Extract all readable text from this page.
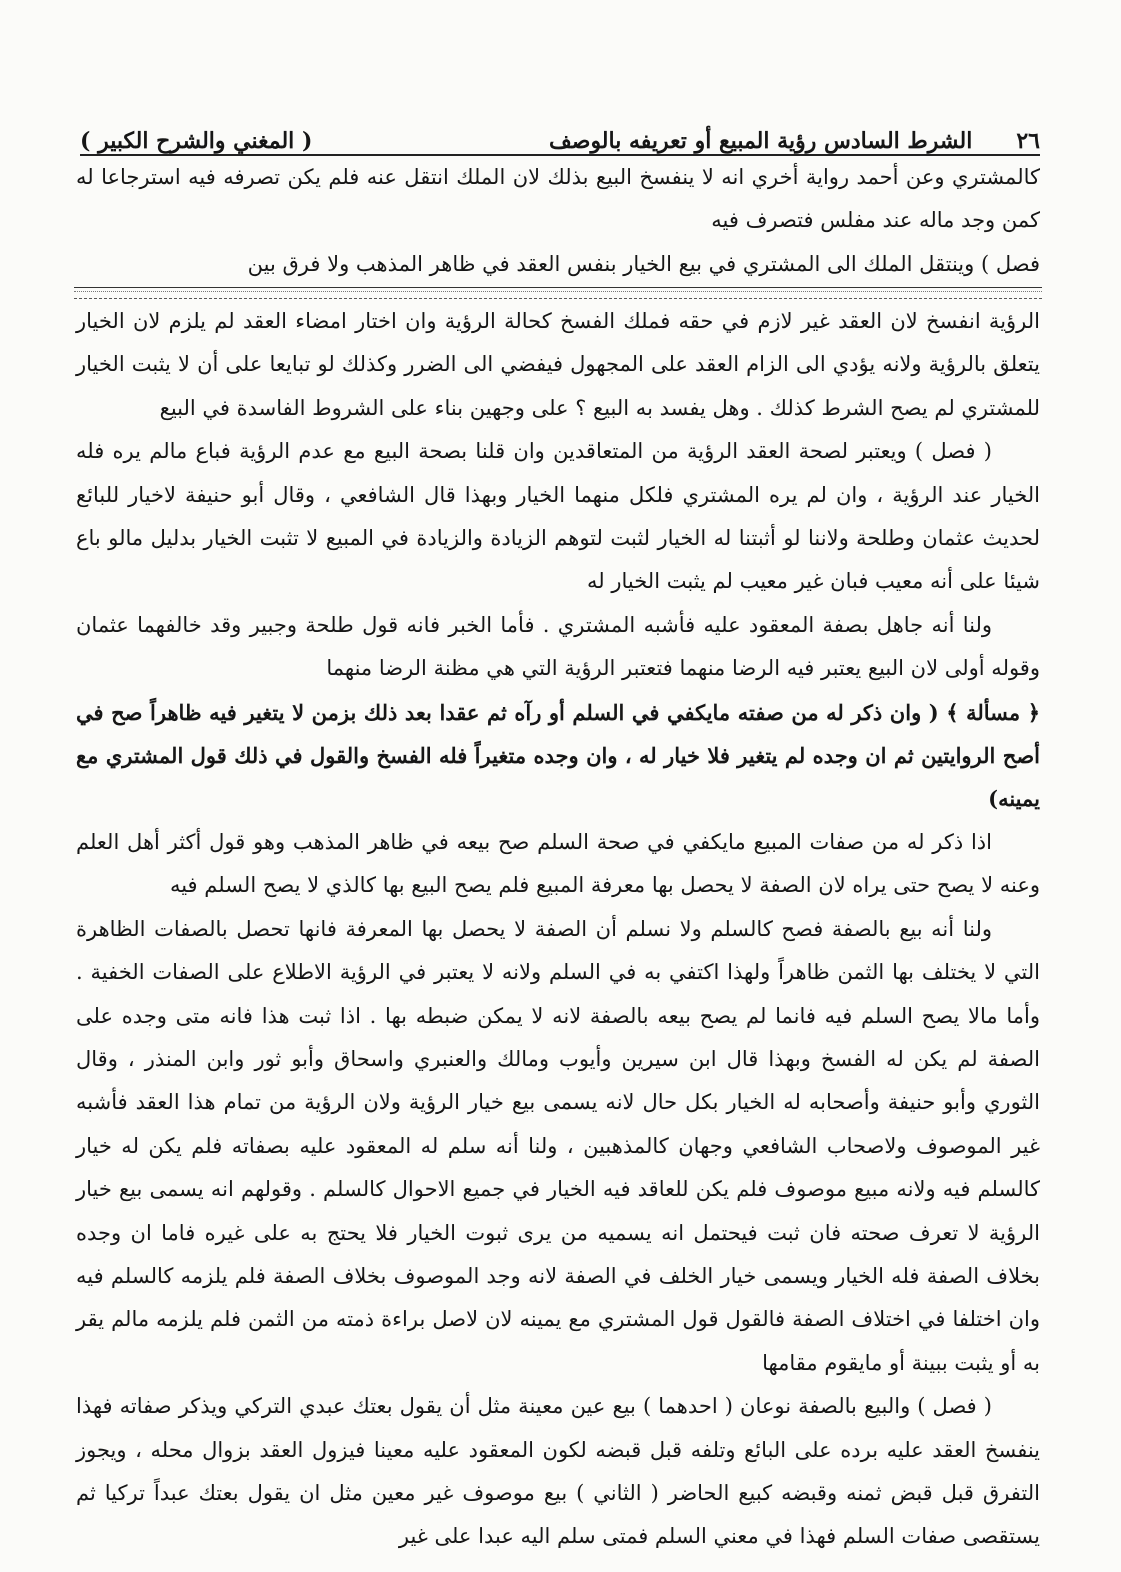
٢٦
الشرط السادس رؤية المبيع أو تعريفه بالوصف
( المغني والشرح الكبير )

كالمشتري وعن أحمد رواية أخري انه لا ينفسخ البيع بذلك لان الملك انتقل عنه فلم يكن تصرفه فيه استرجاعا له كمن وجد ماله عند مفلس فتصرف فيه

فصل ) وينتقل الملك الى المشتري في بيع الخيار بنفس العقد في ظاهر المذهب ولا فرق بين

الرؤية انفسخ لان العقد غير لازم في حقه فملك الفسخ كحالة الرؤية وان اختار امضاء العقد لم يلزم لان الخيار يتعلق بالرؤية ولانه يؤدي الى الزام العقد على المجهول فيفضي الى الضرر وكذلك لو تبايعا على أن لا يثبت الخيار للمشتري لم يصح الشرط كذلك . وهل يفسد به البيع ؟ على وجهين بناء على الشروط الفاسدة في البيع

( فصل ) ويعتبر لصحة العقد الرؤية من المتعاقدين وان قلنا بصحة البيع مع عدم الرؤية فباع مالم يره فله الخيار عند الرؤية ، وان لم يره المشتري فلكل منهما الخيار وبهذا قال الشافعي ، وقال أبو حنيفة لاخيار للبائع لحديث عثمان وطلحة ولاننا لو أثبتنا له الخيار لثبت لتوهم الزيادة والزيادة في المبيع لا تثبت الخيار بدليل مالو باع شيئا على أنه معيب فبان غير معيب لم يثبت الخيار له

ولنا أنه جاهل بصفة المعقود عليه فأشبه المشتري . فأما الخبر فانه قول طلحة وجبير وقد خالفهما عثمان وقوله أولى لان البيع يعتبر فيه الرضا منهما فتعتبر الرؤية التي هي مظنة الرضا منهما

﴿ مسألة ﴾ ( وان ذكر له من صفته مايكفي في السلم أو رآه ثم عقدا بعد ذلك بزمن لا يتغير فيه ظاهراً صح في أصح الروايتين ثم ان وجده لم يتغير فلا خيار له ، وان وجده متغيراً فله الفسخ والقول في ذلك قول المشتري مع يمينه)

اذا ذكر له من صفات المبيع مايكفي في صحة السلم صح بيعه في ظاهر المذهب وهو قول أكثر أهل العلم وعنه لا يصح حتى يراه لان الصفة لا يحصل بها معرفة المبيع فلم يصح البيع بها كالذي لا يصح السلم فيه

ولنا أنه بيع بالصفة فصح كالسلم ولا نسلم أن الصفة لا يحصل بها المعرفة فانها تحصل بالصفات الظاهرة التي لا يختلف بها الثمن ظاهراً ولهذا اكتفي به في السلم ولانه لا يعتبر في الرؤية الاطلاع على الصفات الخفية . وأما مالا يصح السلم فيه فانما لم يصح بيعه بالصفة لانه لا يمكن ضبطه بها . اذا ثبت هذا فانه متى وجده على الصفة لم يكن له الفسخ وبهذا قال ابن سيرين وأيوب ومالك والعنبري واسحاق وأبو ثور وابن المنذر ، وقال الثوري وأبو حنيفة وأصحابه له الخيار بكل حال لانه يسمى بيع خيار الرؤية ولان الرؤية من تمام هذا العقد فأشبه غير الموصوف ولاصحاب الشافعي وجهان كالمذهبين ، ولنا أنه سلم له المعقود عليه بصفاته فلم يكن له خيار كالسلم فيه ولانه مبيع موصوف فلم يكن للعاقد فيه الخيار في جميع الاحوال كالسلم . وقولهم انه يسمى بيع خيار الرؤية لا تعرف صحته فان ثبت فيحتمل انه يسميه من يرى ثبوت الخيار فلا يحتج به على غيره فاما ان وجده بخلاف الصفة فله الخيار ويسمى خيار الخلف في الصفة لانه وجد الموصوف بخلاف الصفة فلم يلزمه كالسلم فيه وان اختلفا في اختلاف الصفة فالقول قول المشتري مع يمينه لان لاصل براءة ذمته من الثمن فلم يلزمه مالم يقر به أو يثبت ببينة أو مايقوم مقامها

( فصل ) والبيع بالصفة نوعان ( احدهما ) بيع عين معينة مثل أن يقول بعتك عبدي التركي ويذكر صفاته فهذا ينفسخ العقد عليه برده على البائع وتلفه قبل قبضه لكون المعقود عليه معينا فيزول العقد بزوال محله ، ويجوز التفرق قبل قبض ثمنه وقبضه كبيع الحاضر ( الثاني ) بيع موصوف غير معين مثل ان يقول بعتك عبداً تركيا ثم يستقصى صفات السلم فهذا في معني السلم فمتى سلم اليه عبدا على غير
